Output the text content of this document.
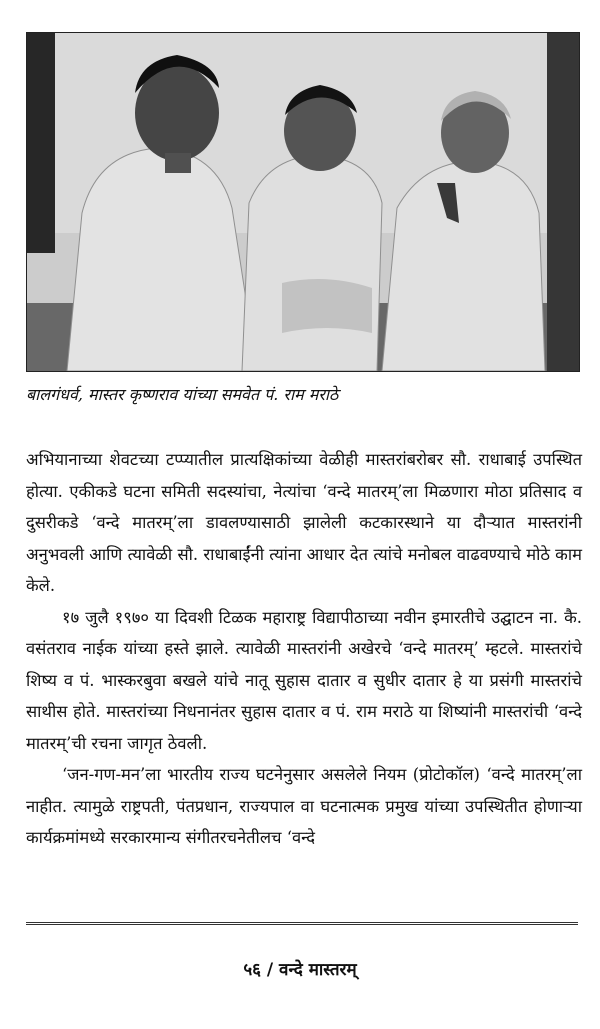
बालगंधर्व, मास्तर कृष्णराव यांच्या समवेत पं. राम मराठे

अभियानाच्या शेवटच्या टप्प्यातील प्रात्यक्षिकांच्या वेळीही मास्तरांबरोबर सौ. राधाबाई उपस्थित होत्या. एकीकडे घटना समिती सदस्यांचा, नेत्यांचा ‘वन्दे मातरम्’ला मिळणारा मोठा प्रतिसाद व दुसरीकडे ‘वन्दे मातरम्’ला डावलण्यासाठी झालेली कटकारस्थाने या दौऱ्यात मास्तरांनी अनुभवली आणि त्यावेळी सौ. राधाबाईंनी त्यांना आधार देत त्यांचे मनोबल वाढवण्याचे मोठे काम केले.

१७ जुलै १९७० या दिवशी टिळक महाराष्ट्र विद्यापीठाच्या नवीन इमारतीचे उद्घाटन ना. कै. वसंतराव नाईक यांच्या हस्ते झाले. त्यावेळी मास्तरांनी अखेरचे ‘वन्दे मातरम्’ म्हटले. मास्तरांचे शिष्य व पं. भास्करबुवा बखले यांचे नातू सुहास दातार व सुधीर दातार हे या प्रसंगी मास्तरांचे साथीस होते. मास्तरांच्या निधनानंतर सुहास दातार व पं. राम मराठे या शिष्यांनी मास्तरांची ‘वन्दे मातरम्’ची रचना जागृत ठेवली.

‘जन-गण-मन’ला भारतीय राज्य घटनेनुसार असलेले नियम (प्रोटोकॉल) ‘वन्दे मातरम्’ला नाहीत. त्यामुळे राष्ट्रपती, पंतप्रधान, राज्यपाल वा घटनात्मक प्रमुख यांच्या उपस्थितीत होणाऱ्या कार्यक्रमांमध्ये सरकारमान्य संगीतरचनेतीलच ‘वन्दे

५६ / वन्दे मास्तरम्
